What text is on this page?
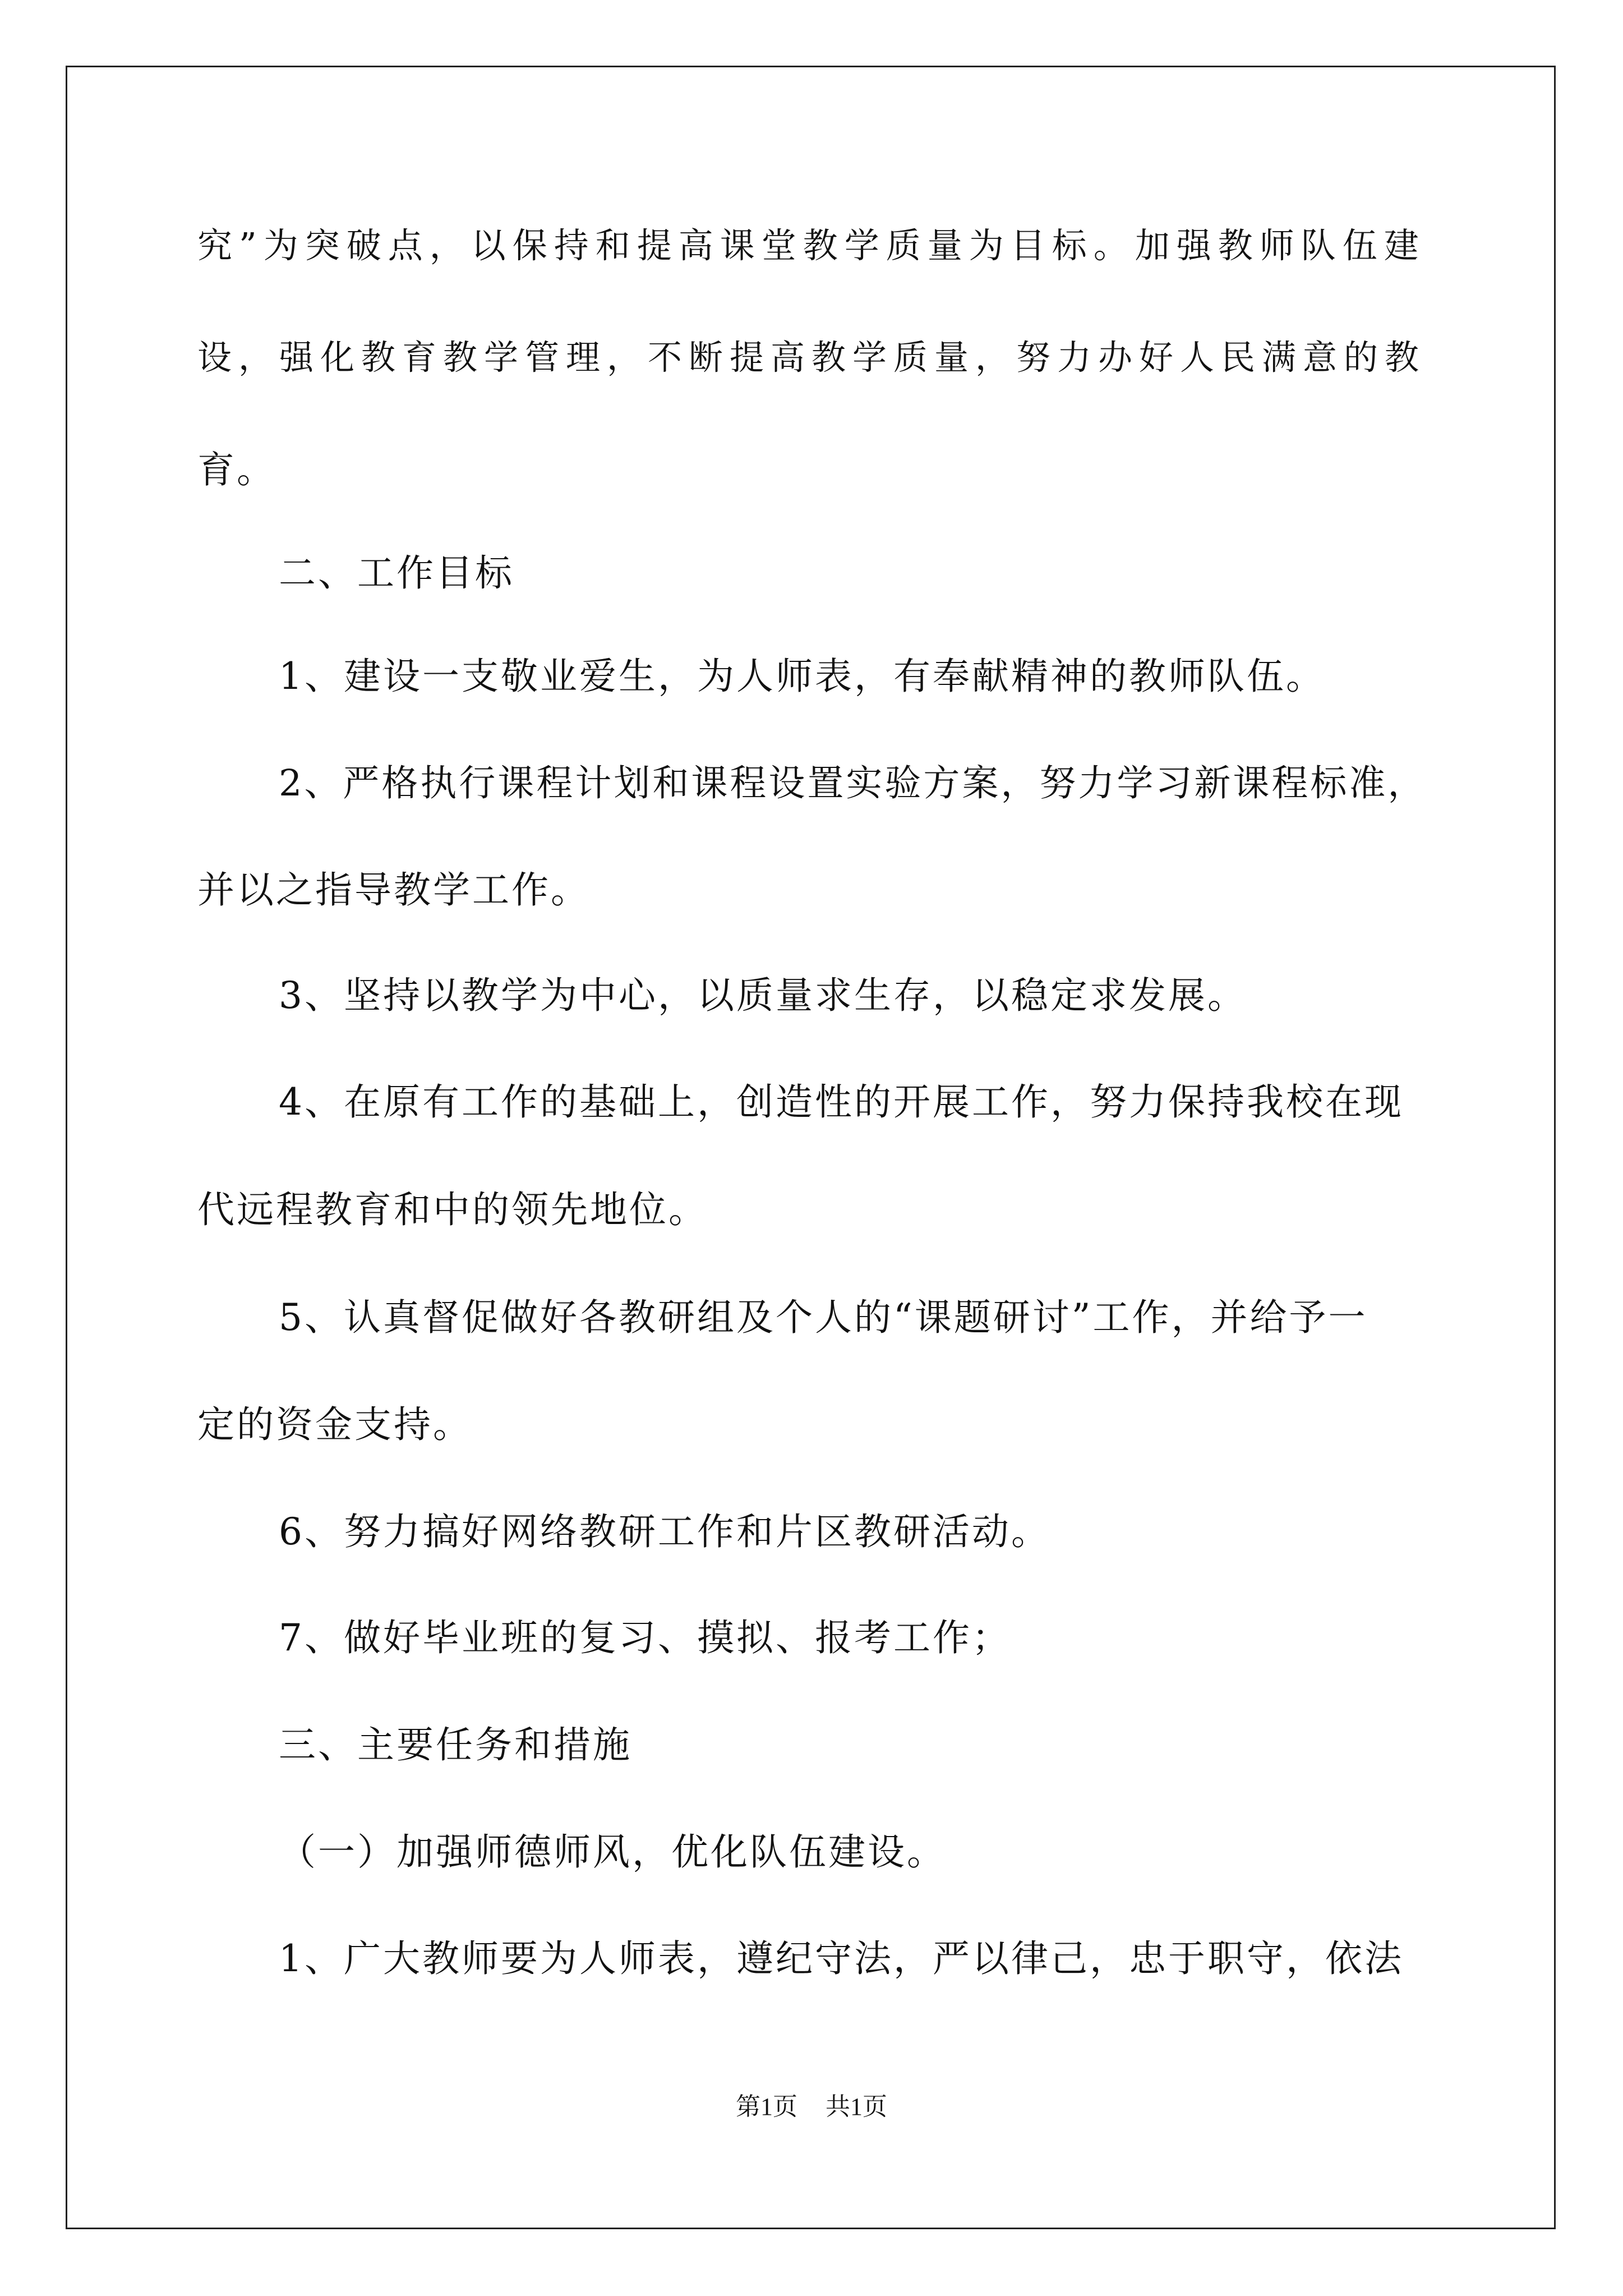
究”为突破点，以保持和提高课堂教学质量为目标。加强教师队伍建
设，强化教育教学管理，不断提高教学质量，努力办好人民满意的教
育。
二、工作目标
1、建设一支敬业爱生，为人师表，有奉献精神的教师队伍。
2、严格执行课程计划和课程设置实验方案，努力学习新课程标准，
并以之指导教学工作。
3、坚持以教学为中心，以质量求生存，以稳定求发展。
4、在原有工作的基础上，创造性的开展工作，努力保持我校在现
代远程教育和中的领先地位。
5、认真督促做好各教研组及个人的“课题研讨”工作，并给予一
定的资金支持。
6、努力搞好网络教研工作和片区教研活动。
7、做好毕业班的复习、摸拟、报考工作；
三、主要任务和措施
（一）加强师德师风，优化队伍建设。
1、广大教师要为人师表，遵纪守法，严以律己，忠于职守，依法
第1页 共1页
